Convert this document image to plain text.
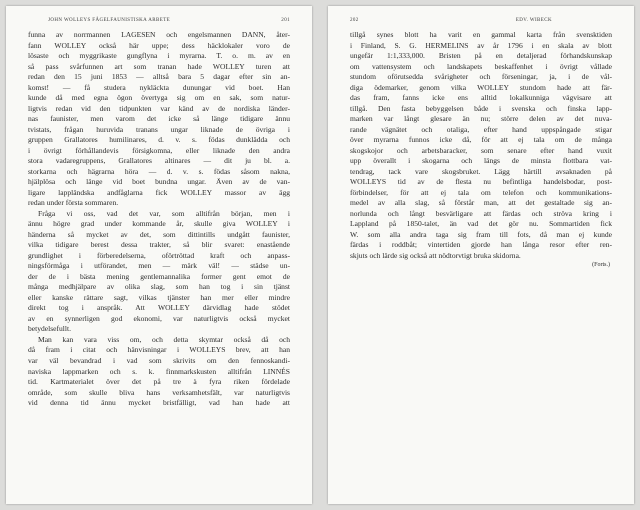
JOHN WOLLEYS FÅGELFAUNISTISKA ARBETE	201
funna av norrmannen LAGESEN och engelsmannen DANN, åter-
fann WOLLEY också här uppe; dess häcklokaler voro de
lösaste och myggrikaste gungflyna i myrarna. T. o. m. av en
så pass svårfunnen art som tranan hade WOLLEY turen att
redan den 15 juni 1853 — alltså bara 5 dagar efter sin an-
komst! — få studera nykläckta dunungar vid boet. Han
kunde då med egna ögon övertyga sig om en sak, som natur-
ligtvis redan vid den tidpunkten var känd av de nordiska länder-
nas faunister, men varom det icke så länge tidigare ännu
tvistats, frågan huruvida tranans ungar liknade de övriga i
gruppen Grallatores humilinares, d. v. s. födas dunklädda och
i övrigt förhållandevis försigkomna, eller liknade den andra
stora vadaregruppens, Grallatores altinares — dit ju bl. a.
storkarna och hägrarna höra — d. v. s. födas såsom nakna,
hjälplösa och länge vid boet bundna ungar. Även av de van-
ligare lappländska andfåglarna fick WOLLEY massor av ägg
redan under första sommaren.
Fråga vi oss, vad det var, som alltifrån början, men i
ännu högre grad under kommande år, skulle giva WOLLEY i
händerna så mycket av det, som dittintills undgått faunister,
vilka tidigare berest dessa trakter, så blir svaret: enastående
grundlighet i förberedelserna, oförtröttad kraft och anpass-
ningsförmåga i utförandet, men — märk väl! — städse un-
der de i bästa mening gentlemannalika former gent emot de
många medhjälpare av olika slag, som han tog i sin tjänst
eller kanske rättare sagt, vilkas tjänster han mer eller mindre
direkt tog i anspråk. Att WOLLEY därvidlag hade stödet
av en synnerligen god ekonomi, var naturligtvis också mycket
betydelsefullt.
Man kan vara viss om, och detta skymtar också då och
då fram i citat och hänvisningar i WOLLEYS brev, att han
var väl bevandrad i vad som skrivits om den fennoskandi-
naviska lappmarken och s. k. finnmarkskusten alltifrån LINNÉS
tid. Kartmaterialet över det på tre à fyra riken fördelade
område, som skulle bliva hans verksamhetsfält, var naturligtvis
vid denna tid ännu mycket bristfälligt, vad han hade att
202	EDV. WIBECK
tillgå synes blott ha varit en gammal karta från svensktiden
i Finland, S. G. HERMELINS av år 1796 i en skala av blott
ungefär 1:1,333,000. Bristen på en detaljerad förhandskunskap
om vattensystem och landskapets beskaffenhet i övrigt vållade
stundom oförutsedda svårigheter och förseningar, ja, i de vål-
diga ödemarker, genom vilka WOLLEY stundom hade att fär-
das fram, fanns icke ens alltid lokalkunniga vägvisare att
tillgå. Den fasta bebyggelsen både i svenska och finska lapp-
marken var långt glesare än nu; större delen av det nuva-
rande vägnätet och otaliga, efter hand uppspångade stigar
över myrarna funnos icke då, för att ej tala om de många
skogskojor och arbetsbaracker, som senare efter hand vuxit
upp överallt i skogarna och längs de minsta flottbara vat-
tendrag, tack vare skogsbruket. Lägg härtill avsaknaden på
WOLLEYS tid av de flesta nu befintliga handelsbodar, post-
förbindelser, för att ej tala om telefon och kommunikations-
medel av alla slag, så förstår man, att det gestaltade sig an-
norlunda och långt besvärligare att färdas och ströva kring i
Lappland på 1850-talet, än vad det gör nu. Sommartiden fick
W. som alla andra taga sig fram till fots, då man ej kunde
färdas i roddbåt; vintertiden gjorde han långa resor efter ren-
skjuts och lärde sig också att nödtorvtigt bruka skidorna.
(Forts.)
